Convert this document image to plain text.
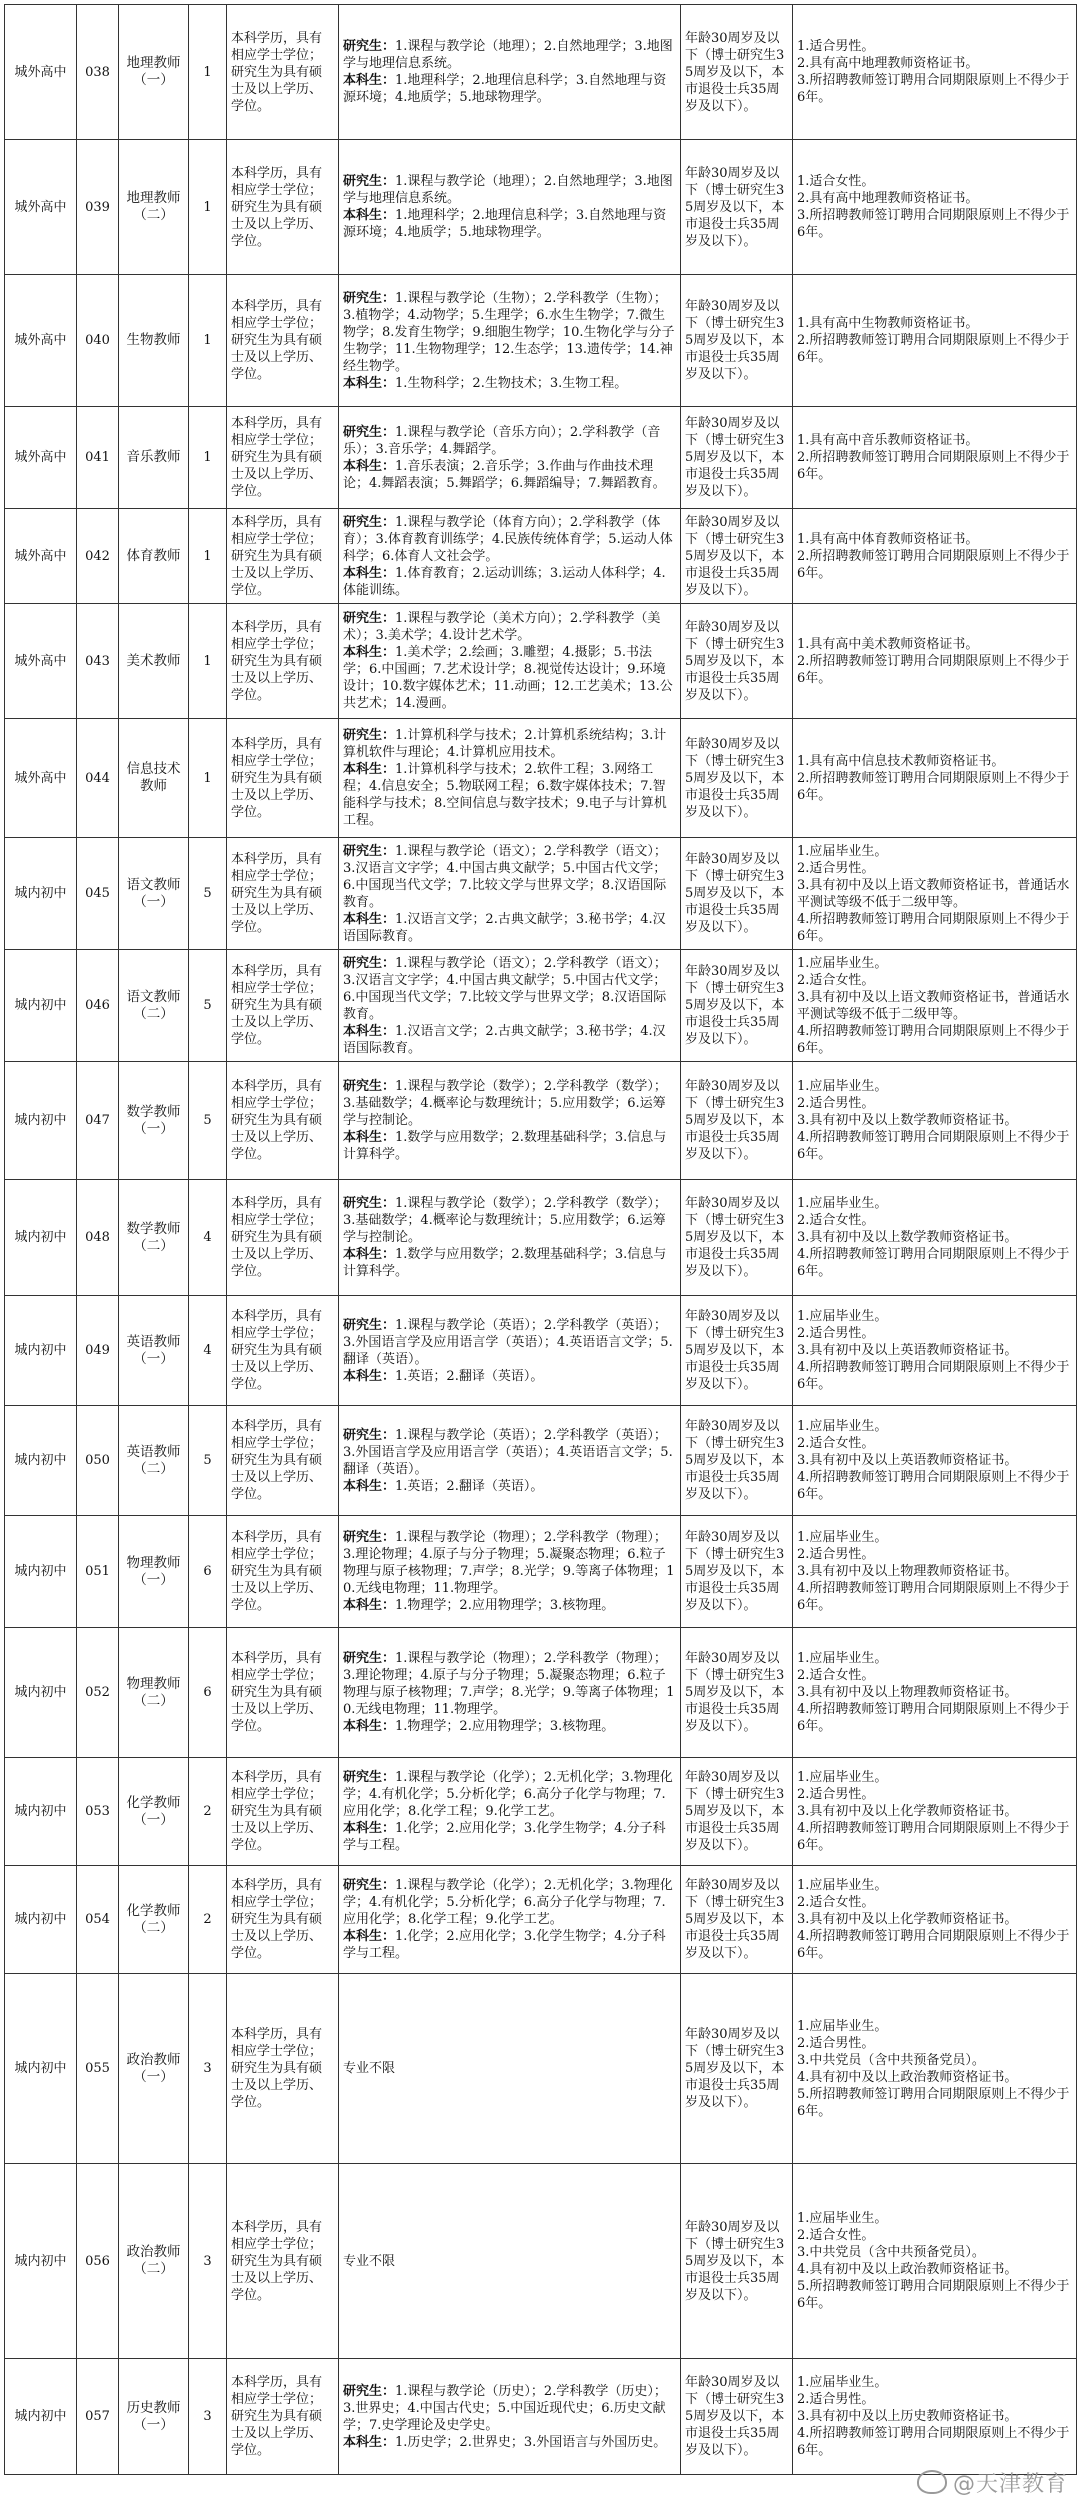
城外高中	038	地理教师（一）	1	本科学历，具有相应学士学位；研究生为具有硕士及以上学历、学位。	研究生：1.课程与教学论（地理）；2.自然地理学；3.地图学与地理信息系统。
本科生：1.地理科学；2.地理信息科学；3.自然地理与资源环境；4.地质学；5.地球物理学。	年龄30周岁及以下（博士研究生35周岁及以下，本市退役士兵35周岁及以下）。	1.适合男性。
2.具有高中地理教师资格证书。
3.所招聘教师签订聘用合同期限原则上不得少于6年。

城外高中	039	地理教师（二）	1	本科学历，具有相应学士学位；研究生为具有硕士及以上学历、学位。	研究生：1.课程与教学论（地理）；2.自然地理学；3.地图学与地理信息系统。
本科生：1.地理科学；2.地理信息科学；3.自然地理与资源环境；4.地质学；5.地球物理学。	年龄30周岁及以下（博士研究生35周岁及以下，本市退役士兵35周岁及以下）。	1.适合女性。
2.具有高中地理教师资格证书。
3.所招聘教师签订聘用合同期限原则上不得少于6年。

城外高中	040	生物教师	1	本科学历，具有相应学士学位；研究生为具有硕士及以上学历、学位。	研究生：1.课程与教学论（生物）；2.学科教学（生物）；3.植物学；4.动物学；5.生理学；6.水生生物学；7.微生物学；8.发育生物学；9.细胞生物学；10.生物化学与分子生物学；11.生物物理学；12.生态学；13.遗传学；14.神经生物学。
本科生：1.生物科学；2.生物技术；3.生物工程。	年龄30周岁及以下（博士研究生35周岁及以下，本市退役士兵35周岁及以下）。	1.具有高中生物教师资格证书。
2.所招聘教师签订聘用合同期限原则上不得少于6年。

城外高中	041	音乐教师	1	本科学历，具有相应学士学位；研究生为具有硕士及以上学历、学位。	研究生：1.课程与教学论（音乐方向）；2.学科教学（音乐）；3.音乐学；4.舞蹈学。
本科生：1.音乐表演；2.音乐学；3.作曲与作曲技术理论；4.舞蹈表演；5.舞蹈学；6.舞蹈编导；7.舞蹈教育。	年龄30周岁及以下（博士研究生35周岁及以下，本市退役士兵35周岁及以下）。	1.具有高中音乐教师资格证书。
2.所招聘教师签订聘用合同期限原则上不得少于6年。

城外高中	042	体育教师	1	本科学历，具有相应学士学位；研究生为具有硕士及以上学历、学位。	研究生：1.课程与教学论（体育方向）；2.学科教学（体育）；3.体育教育训练学；4.民族传统体育学；5.运动人体科学；6.体育人文社会学。
本科生：1.体育教育；2.运动训练；3.运动人体科学；4.体能训练。	年龄30周岁及以下（博士研究生35周岁及以下，本市退役士兵35周岁及以下）。	1.具有高中体育教师资格证书。
2.所招聘教师签订聘用合同期限原则上不得少于6年。

城外高中	043	美术教师	1	本科学历，具有相应学士学位；研究生为具有硕士及以上学历、学位。	研究生：1.课程与教学论（美术方向）；2.学科教学（美术）；3.美术学；4.设计艺术学。
本科生：1.美术学；2.绘画；3.雕塑；4.摄影；5.书法学；6.中国画；7.艺术设计学；8.视觉传达设计；9.环境设计；10.数字媒体艺术；11.动画；12.工艺美术；13.公共艺术；14.漫画。	年龄30周岁及以下（博士研究生35周岁及以下，本市退役士兵35周岁及以下）。	1.具有高中美术教师资格证书。
2.所招聘教师签订聘用合同期限原则上不得少于6年。

城外高中	044	信息技术教师	1	本科学历，具有相应学士学位；研究生为具有硕士及以上学历、学位。	研究生：1.计算机科学与技术；2.计算机系统结构；3.计算机软件与理论；4.计算机应用技术。
本科生：1.计算机科学与技术；2.软件工程；3.网络工程；4.信息安全；5.物联网工程；6.数字媒体技术；7.智能科学与技术；8.空间信息与数字技术；9.电子与计算机工程。	年龄30周岁及以下（博士研究生35周岁及以下，本市退役士兵35周岁及以下）。	1.具有高中信息技术教师资格证书。
2.所招聘教师签订聘用合同期限原则上不得少于6年。

城内初中	045	语文教师（一）	5	本科学历，具有相应学士学位；研究生为具有硕士及以上学历、学位。	研究生：1.课程与教学论（语文）；2.学科教学（语文）；3.汉语言文字学；4.中国古典文献学；5.中国古代文学；6.中国现当代文学；7.比较文学与世界文学；8.汉语国际教育。
本科生：1.汉语言文学；2.古典文献学；3.秘书学；4.汉语国际教育。	年龄30周岁及以下（博士研究生35周岁及以下，本市退役士兵35周岁及以下）。	1.应届毕业生。
2.适合男性。
3.具有初中及以上语文教师资格证书，普通话水平测试等级不低于二级甲等。
4.所招聘教师签订聘用合同期限原则上不得少于6年。

城内初中	046	语文教师（二）	5	本科学历，具有相应学士学位；研究生为具有硕士及以上学历、学位。	研究生：1.课程与教学论（语文）；2.学科教学（语文）；3.汉语言文字学；4.中国古典文献学；5.中国古代文学；6.中国现当代文学；7.比较文学与世界文学；8.汉语国际教育。
本科生：1.汉语言文学；2.古典文献学；3.秘书学；4.汉语国际教育。	年龄30周岁及以下（博士研究生35周岁及以下，本市退役士兵35周岁及以下）。	1.应届毕业生。
2.适合女性。
3.具有初中及以上语文教师资格证书，普通话水平测试等级不低于二级甲等。
4.所招聘教师签订聘用合同期限原则上不得少于6年。

城内初中	047	数学教师（一）	5	本科学历，具有相应学士学位；研究生为具有硕士及以上学历、学位。	研究生：1.课程与教学论（数学）；2.学科教学（数学）；3.基础数学；4.概率论与数理统计；5.应用数学；6.运筹学与控制论。
本科生：1.数学与应用数学；2.数理基础科学；3.信息与计算科学。	年龄30周岁及以下（博士研究生35周岁及以下，本市退役士兵35周岁及以下）。	1.应届毕业生。
2.适合男性。
3.具有初中及以上数学教师资格证书。
4.所招聘教师签订聘用合同期限原则上不得少于6年。

城内初中	048	数学教师（二）	4	本科学历，具有相应学士学位；研究生为具有硕士及以上学历、学位。	研究生：1.课程与教学论（数学）；2.学科教学（数学）；3.基础数学；4.概率论与数理统计；5.应用数学；6.运筹学与控制论。
本科生：1.数学与应用数学；2.数理基础科学；3.信息与计算科学。	年龄30周岁及以下（博士研究生35周岁及以下，本市退役士兵35周岁及以下）。	1.应届毕业生。
2.适合女性。
3.具有初中及以上数学教师资格证书。
4.所招聘教师签订聘用合同期限原则上不得少于6年。

城内初中	049	英语教师（一）	4	本科学历，具有相应学士学位；研究生为具有硕士及以上学历、学位。	研究生：1.课程与教学论（英语）；2.学科教学（英语）；3.外国语言学及应用语言学（英语）；4.英语语言文学；5.翻译（英语）。
本科生：1.英语；2.翻译（英语）。	年龄30周岁及以下（博士研究生35周岁及以下，本市退役士兵35周岁及以下）。	1.应届毕业生。
2.适合男性。
3.具有初中及以上英语教师资格证书。
4.所招聘教师签订聘用合同期限原则上不得少于6年。

城内初中	050	英语教师（二）	5	本科学历，具有相应学士学位；研究生为具有硕士及以上学历、学位。	研究生：1.课程与教学论（英语）；2.学科教学（英语）；3.外国语言学及应用语言学（英语）；4.英语语言文学；5.翻译（英语）。
本科生：1.英语；2.翻译（英语）。	年龄30周岁及以下（博士研究生35周岁及以下，本市退役士兵35周岁及以下）。	1.应届毕业生。
2.适合女性。
3.具有初中及以上英语教师资格证书。
4.所招聘教师签订聘用合同期限原则上不得少于6年。

城内初中	051	物理教师（一）	6	本科学历，具有相应学士学位；研究生为具有硕士及以上学历、学位。	研究生：1.课程与教学论（物理）；2.学科教学（物理）；3.理论物理；4.原子与分子物理；5.凝聚态物理；6.粒子物理与原子核物理；7.声学；8.光学；9.等离子体物理；10.无线电物理；11.物理学。
本科生：1.物理学；2.应用物理学；3.核物理。	年龄30周岁及以下（博士研究生35周岁及以下，本市退役士兵35周岁及以下）。	1.应届毕业生。
2.适合男性。
3.具有初中及以上物理教师资格证书。
4.所招聘教师签订聘用合同期限原则上不得少于6年。

城内初中	052	物理教师（二）	6	本科学历，具有相应学士学位；研究生为具有硕士及以上学历、学位。	研究生：1.课程与教学论（物理）；2.学科教学（物理）；3.理论物理；4.原子与分子物理；5.凝聚态物理；6.粒子物理与原子核物理；7.声学；8.光学；9.等离子体物理；10.无线电物理；11.物理学。
本科生：1.物理学；2.应用物理学；3.核物理。	年龄30周岁及以下（博士研究生35周岁及以下，本市退役士兵35周岁及以下）。	1.应届毕业生。
2.适合女性。
3.具有初中及以上物理教师资格证书。
4.所招聘教师签订聘用合同期限原则上不得少于6年。

城内初中	053	化学教师（一）	2	本科学历，具有相应学士学位；研究生为具有硕士及以上学历、学位。	研究生：1.课程与教学论（化学）；2.无机化学；3.物理化学；4.有机化学；5.分析化学；6.高分子化学与物理；7.应用化学；8.化学工程；9.化学工艺。
本科生：1.化学；2.应用化学；3.化学生物学；4.分子科学与工程。	年龄30周岁及以下（博士研究生35周岁及以下，本市退役士兵35周岁及以下）。	1.应届毕业生。
2.适合男性。
3.具有初中及以上化学教师资格证书。
4.所招聘教师签订聘用合同期限原则上不得少于6年。

城内初中	054	化学教师（二）	2	本科学历，具有相应学士学位；研究生为具有硕士及以上学历、学位。	研究生：1.课程与教学论（化学）；2.无机化学；3.物理化学；4.有机化学；5.分析化学；6.高分子化学与物理；7.应用化学；8.化学工程；9.化学工艺。
本科生：1.化学；2.应用化学；3.化学生物学；4.分子科学与工程。	年龄30周岁及以下（博士研究生35周岁及以下，本市退役士兵35周岁及以下）。	1.应届毕业生。
2.适合女性。
3.具有初中及以上化学教师资格证书。
4.所招聘教师签订聘用合同期限原则上不得少于6年。

城内初中	055	政治教师（一）	3	本科学历，具有相应学士学位；研究生为具有硕士及以上学历、学位。	专业不限	年龄30周岁及以下（博士研究生35周岁及以下，本市退役士兵35周岁及以下）。	1.应届毕业生。
2.适合男性。
3.中共党员（含中共预备党员）。
4.具有初中及以上政治教师资格证书。
5.所招聘教师签订聘用合同期限原则上不得少于6年。

城内初中	056	政治教师（二）	3	本科学历，具有相应学士学位；研究生为具有硕士及以上学历、学位。	专业不限	年龄30周岁及以下（博士研究生35周岁及以下，本市退役士兵35周岁及以下）。	1.应届毕业生。
2.适合女性。
3.中共党员（含中共预备党员）。
4.具有初中及以上政治教师资格证书。
5.所招聘教师签订聘用合同期限原则上不得少于6年。

城内初中	057	历史教师（一）	3	本科学历，具有相应学士学位；研究生为具有硕士及以上学历、学位。	研究生：1.课程与教学论（历史）；2.学科教学（历史）；3.世界史；4.中国古代史；5.中国近现代史；6.历史文献学；7.史学理论及史学史。
本科生：1.历史学；2.世界史；3.外国语言与外国历史。	年龄30周岁及以下（博士研究生35周岁及以下，本市退役士兵35周岁及以下）。	1.应届毕业生。
2.适合男性。
3.具有初中及以上历史教师资格证书。
4.所招聘教师签订聘用合同期限原则上不得少于6年。
@天津教育
